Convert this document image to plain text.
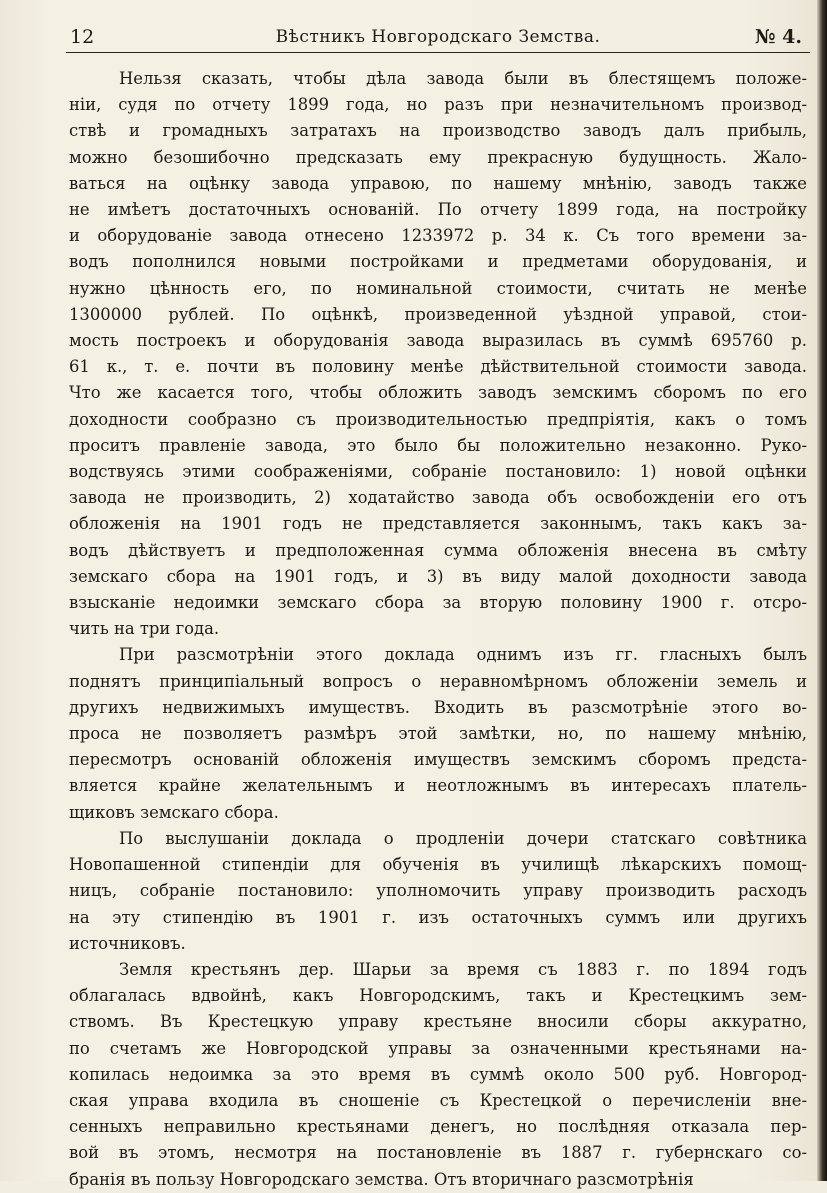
12	Вѣстникъ Новгородскаго Земства.	№ 4.

Нельзя сказать, чтобы дѣла завода были въ блестящемъ положе-
нiи, судя по отчету 1899 года, но разъ при незначительномъ производ-
ствѣ и громадныхъ затратахъ на производство заводъ далъ прибыль,
можно безошибочно предсказать ему прекрасную будущность. Жало-
ваться на оцѣнку завода управою, по нашему мнѣнiю, заводъ также
не имѣетъ достаточныхъ основанiй. По отчету 1899 года, на постройку
и оборудованiе завода отнесено 1233972 р. 34 к. Съ того времени за-
водъ пополнился новыми постройками и предметами оборудованiя, и
нужно цѣнность его, по номинальной стоимости, считать не менѣе
1300000 рублей. По оцѣнкѣ, произведенной уѣздной управой, стои-
мость построекъ и оборудованiя завода выразилась въ суммѣ 695760 р.
61 к., т. е. почти въ половину менѣе дѣйствительной стоимости завода.
Что же касается того, чтобы обложить заводъ земскимъ сборомъ по его
доходности сообразно съ производительностью предпрiятiя, какъ о томъ
проситъ правленiе завода, это было бы положительно незаконно. Руко-
водствуясь этими соображенiями, собранiе постановило: 1) новой оцѣнки
завода не производить, 2) ходатайство завода объ освобожденiи его отъ
обложенiя на 1901 годъ не представляется законнымъ, такъ какъ за-
водъ дѣйствуетъ и предположенная сумма обложенiя внесена въ смѣту
земскаго сбора на 1901 годъ, и 3) въ виду малой доходности завода
взысканiе недоимки земскаго сбора за вторую половину 1900 г. отсро-
чить на три года.

При разсмотрѣнiи этого доклада однимъ изъ гг. гласныхъ былъ
поднятъ принципiальный вопросъ о неравномѣрномъ обложенiи земель и
другихъ недвижимыхъ имуществъ. Входить въ разсмотрѣнiе этого во-
проса не позволяетъ размѣръ этой замѣтки, но, по нашему мнѣнiю,
пересмотръ основанiй обложенiя имуществъ земскимъ сборомъ предста-
вляется крайне желательнымъ и неотложнымъ въ интересахъ платель-
щиковъ земскаго сбора.

По выслушанiи доклада о продленiи дочери статскаго совѣтника
Новопашенной стипендiи для обученiя въ училищѣ лѣкарскихъ помощ-
ницъ, собранiе постановило: уполномочить управу производить расходъ
на эту стипендiю въ 1901 г. изъ остаточныхъ суммъ или другихъ
источниковъ.

Земля крестьянъ дер. Шарьи за время съ 1883 г. по 1894 годъ
облагалась вдвойнѣ, какъ Новгородскимъ, такъ и Крестецкимъ зем-
ствомъ. Въ Крестецкую управу крестьяне вносили сборы аккуратно,
по счетамъ же Новгородской управы за означенными крестьянами на-
копилась недоимка за это время въ суммѣ около 500 руб. Новгород-
ская управа входила въ сношенiе съ Крестецкой о перечисленiи вне-
сенныхъ неправильно крестьянами денегъ, но послѣдняя отказала пер-
вой въ этомъ, несмотря на постановленiе въ 1887 г. губернскаго со-
бранiя въ пользу Новгородскаго земства. Отъ вторичнаго разсмотрѣнiя
